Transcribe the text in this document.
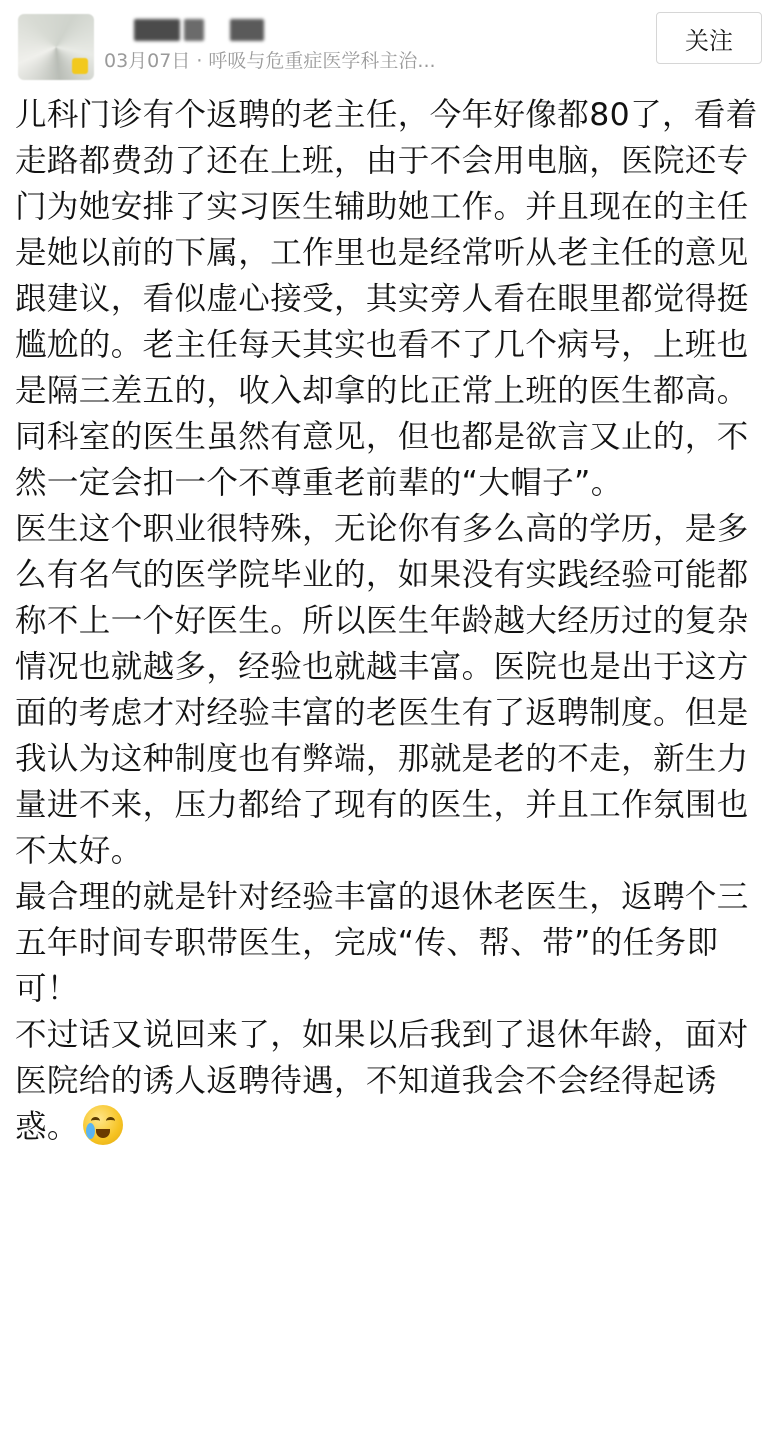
03月07日 · 呼吸与危重症医学科主治...
关注

儿科门诊有个返聘的老主任，今年好像都80了，看着走路都费劲了还在上班，由于不会用电脑，医院还专门为她安排了实习医生辅助她工作。并且现在的主任是她以前的下属，工作里也是经常听从老主任的意见跟建议，看似虚心接受，其实旁人看在眼里都觉得挺尴尬的。老主任每天其实也看不了几个病号，上班也是隔三差五的，收入却拿的比正常上班的医生都高。同科室的医生虽然有意见，但也都是欲言又止的，不然一定会扣一个不尊重老前辈的“大帽子”。

医生这个职业很特殊，无论你有多么高的学历，是多么有名气的医学院毕业的，如果没有实践经验可能都称不上一个好医生。所以医生年龄越大经历过的复杂情况也就越多，经验也就越丰富。医院也是出于这方面的考虑才对经验丰富的老医生有了返聘制度。但是我认为这种制度也有弊端，那就是老的不走，新生力量进不来，压力都给了现有的医生，并且工作氛围也不太好。

最合理的就是针对经验丰富的退休老医生，返聘个三五年时间专职带医生，完成“传、帮、带”的任务即可！

不过话又说回来了，如果以后我到了退休年龄，面对医院给的诱人返聘待遇，不知道我会不会经得起诱惑。
